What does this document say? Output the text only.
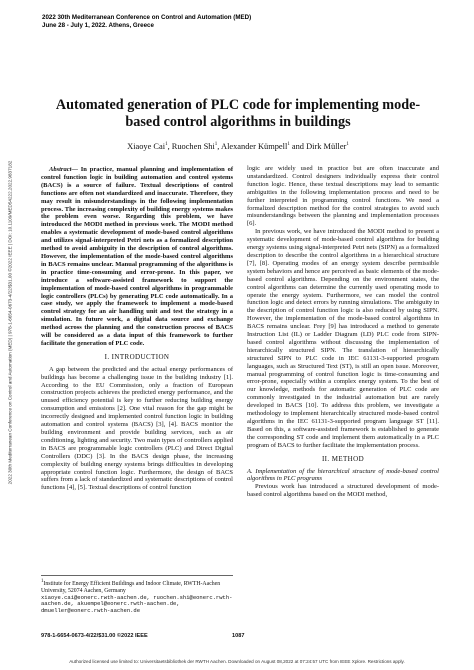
2022 30th Mediterranean Conference on Control and Automation (MED)
June 28 - July 1, 2022. Athens, Greece
2022 30th Mediterranean Conference on Control and Automation (MED) | 978-1-6654-0673-4/22/$31.00 ©2022 IEEE | DOI: 10.1109/MED54222.2022.9837182
Automated generation of PLC code for implementing mode-based control algorithms in buildings
Xiaoye Cai$^1$, Ruochen Shi$^1$, Alexander Kümpell$^1$ and Dirk Müller$^1$

Abstract— In practice, manual planning and implementation of control function logic in building automation and control systems (BACS) is a source of failure. Textual descriptions of control functions are often not standardized and inaccurate. Therefore, they may result in misunderstandings in the following implementation process. The increasing complexity of building energy systems makes the problem even worse. Regarding this problem, we have introduced the MODI method in previous work. The MODI method enables a systematic development of mode-based control algorithms and utilizes signal-interpreted Petri nets as a formalized description method to avoid ambiguity in the description of control algorithms. However, the implementation of the mode-based control algorithms in BACS remains unclear. Manual programming of the algorithms is in practice time-consuming and error-prone. In this paper, we introduce a software-assisted framework to support the implementation of mode-based control algorithms in programmable logic controllers (PLCs) by generating PLC code automatically. In a case study, we apply the framework to implement a mode-based control strategy for an air handling unit and test the strategy in a simulation. In future work, a digital data source and exchange method across the planning and the construction process of BACS will be considered as a data input of this framework to further facilitate the generation of PLC code.

I. INTRODUCTION

A gap between the predicted and the actual energy performances of buildings has become a challenging issue in the building industry [1]. According to the EU Commission, only a fraction of European construction projects achieves the predicted energy performance, and the unused efficiency potential is key to further reducing building energy consumption and emissions [2]. One vital reason for the gap might be incorrectly designed and implemented control function logic in building automation and control systems (BACS) [3], [4]. BACS monitor the building environment and provide building services, such as air conditioning, lighting and security. Two main types of controllers applied in BACS are programmable logic controllers (PLC) and Direct Digital Controllers (DDC) [3]. In the BACS design phase, the increasing complexity of building energy systems brings difficulties in developing appropriate control function logic. Furthermore, the design of BACS suffers from a lack of standardized and systematic descriptions of control functions [4], [5]. Textual descriptions of control function

$^1$Institute for Energy Efficient Buildings and Indoor Climate, RWTH-Aachen University, 52074 Aachen, Germany
xiaoye.cai@eonerc.rwth-aachen.de, ruochen.shi@eonerc.rwth-aachen.de, akuempel@eonerc.rwth-aachen.de, dmueller@eonerc.rwth-aachen.de

logic are widely used in practice but are often inaccurate and unstandardized. Control designers individually express their control function logic. Hence, these textual descriptions may lead to semantic ambiguities in the following implementation process and need to be further interpreted in programming control functions. We need a formalized description method for the control strategies to avoid such misunderstandings between the planning and implementation processes [6].

In previous work, we have introduced the MODI method to present a systematic development of mode-based control algorithms for building energy systems using signal-interpreted Petri nets (SIPN) as a formalized description to describe the control algorithms in a hierarchical structure [7], [8]. Operating modes of an energy system describe permissible system behaviors and hence are perceived as basic elements of the mode-based control algorithms. Depending on the environment states, the control algorithms can determine the currently used operating mode to operate the energy system. Furthermore, we can model the control function logic and detect errors by running simulations. The ambiguity in the description of control function logic is also reduced by using SIPN. However, the implementation of the mode-based control algorithms in BACS remains unclear. Frey [9] has introduced a method to generate Instruction List (IL) or Ladder Diagram (LD) PLC code from SIPN-based control algorithms without discussing the implementation of hierarchically structured SIPN. The translation of hierarchically structured SIPN to PLC code in IEC 61131-3-supported program languages, such as Structured Text (ST), is still an open issue. Moreover, manual programming of control function logic is time-consuming and error-prone, especially within a complex energy system. To the best of our knowledge, methods for automatic generation of PLC code are commonly investigated in the industrial automation but are rarely developed in BACS [10]. To address this problem, we investigate a methodology to implement hierarchically structured mode-based control algorithms in the IEC 61131-3-supported program language ST [11]. Based on this, a software-assisted framework is established to generate the corresponding ST code and implement them automatically in a PLC program of BACS to further facilitate the implementation process.

II. METHOD

A. Implementation of the hierarchical structure of mode-based control algorithms in PLC programs

Previous work has introduced a structured development of mode-based control algorithms based on the MODI method,

978-1-6654-0673-4/22/$31.00 ©2022 IEEE	1087
Authorized licensed use limited to: Universitaetsbibliothek der RWTH Aachen. Downloaded on August 08,2022 at 07:24:57 UTC from IEEE Xplore. Restrictions apply.
